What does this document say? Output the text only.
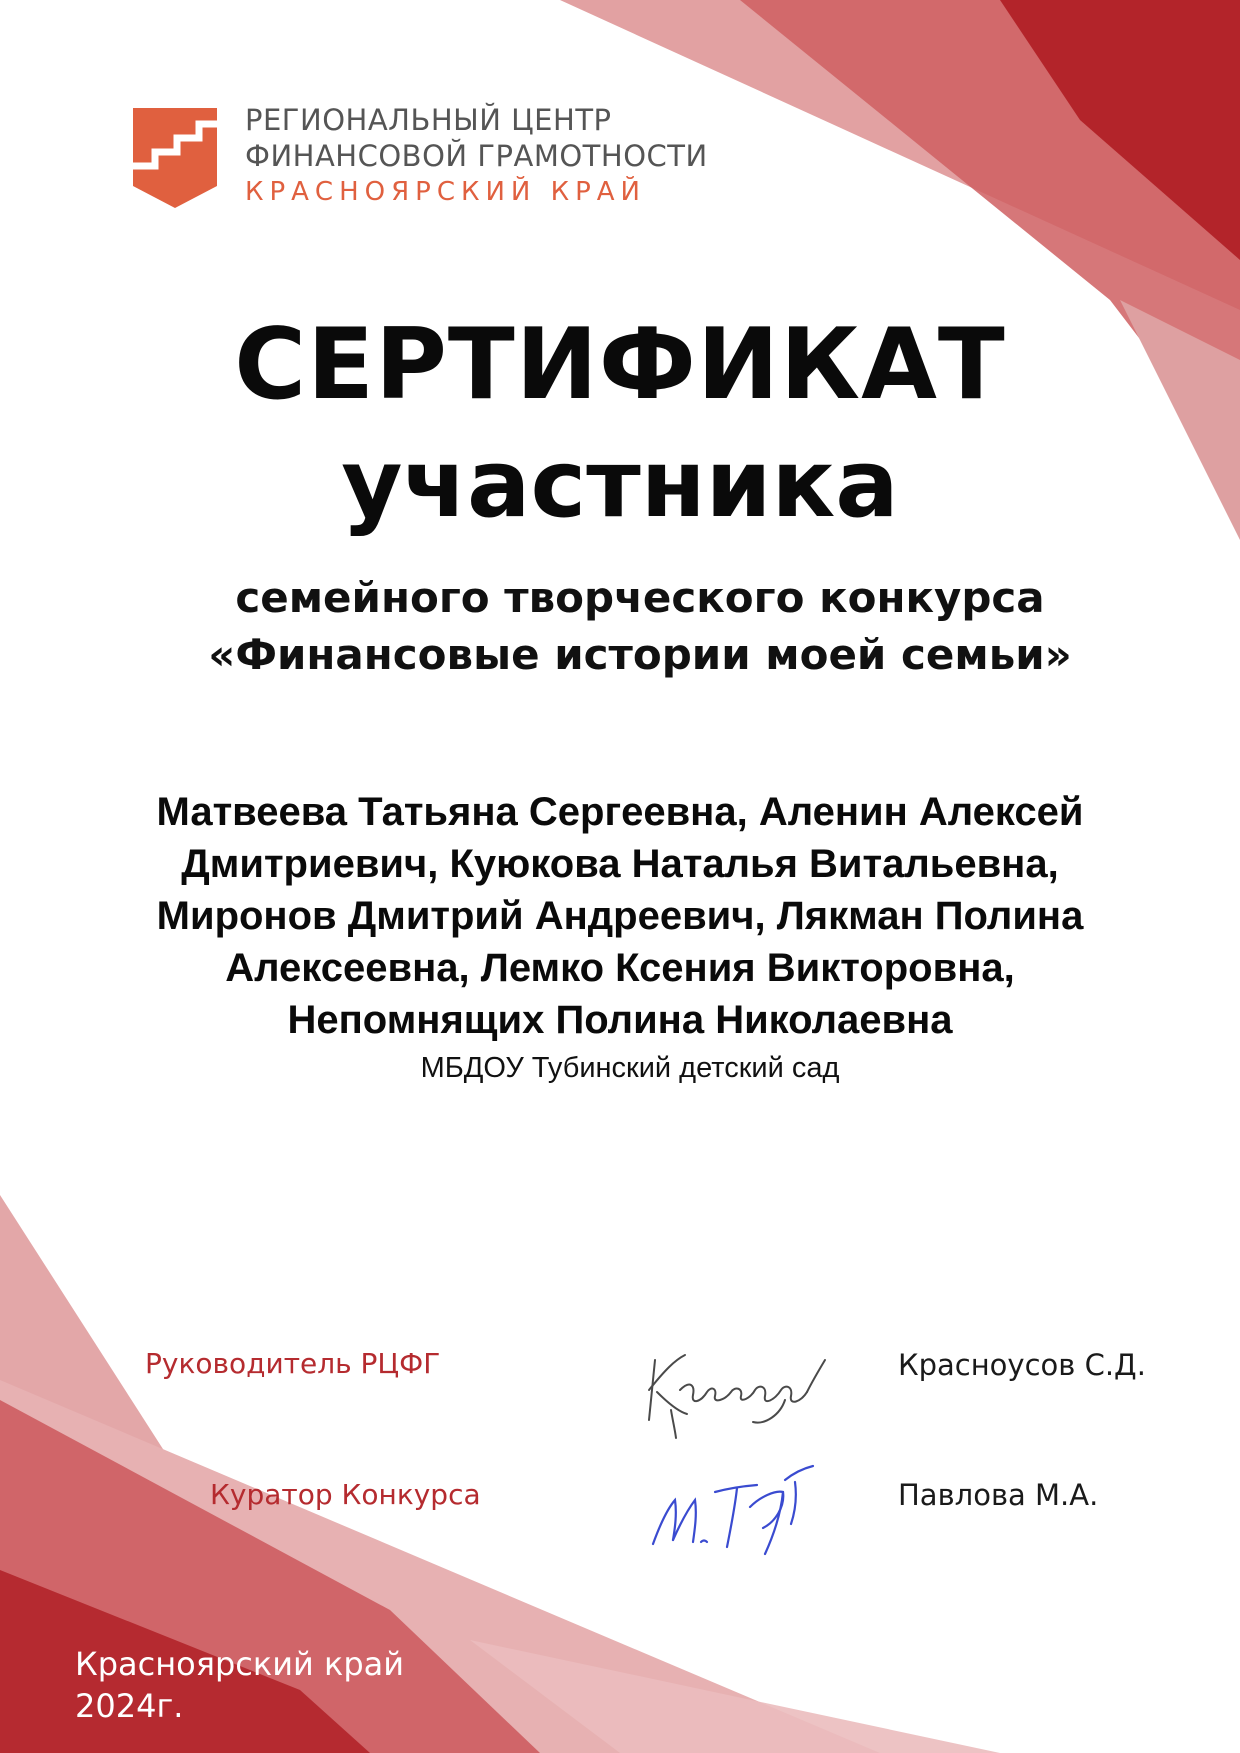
РЕГИОНАЛЬНЫЙ ЦЕНТР
ФИНАНСОВОЙ ГРАМОТНОСТИ
КРАСНОЯРСКИЙ КРАЙ
СЕРТИФИКАТ
участника
семейного творческого конкурса
«Финансовые истории моей семьи»
Матвеева Татьяна Сергеевна, Аленин Алексей
Дмитриевич, Куюкова Наталья Витальевна,
Миронов Дмитрий Андреевич, Лякман Полина
Алексеевна, Лемко Ксения Викторовна,
Непомнящих Полина Николаевна
МБДОУ Тубинский детский сад
Руководитель РЦФГ	Красноусов С.Д.
Куратор Конкурса	Павлова М.А.
Красноярский край
2024г.
